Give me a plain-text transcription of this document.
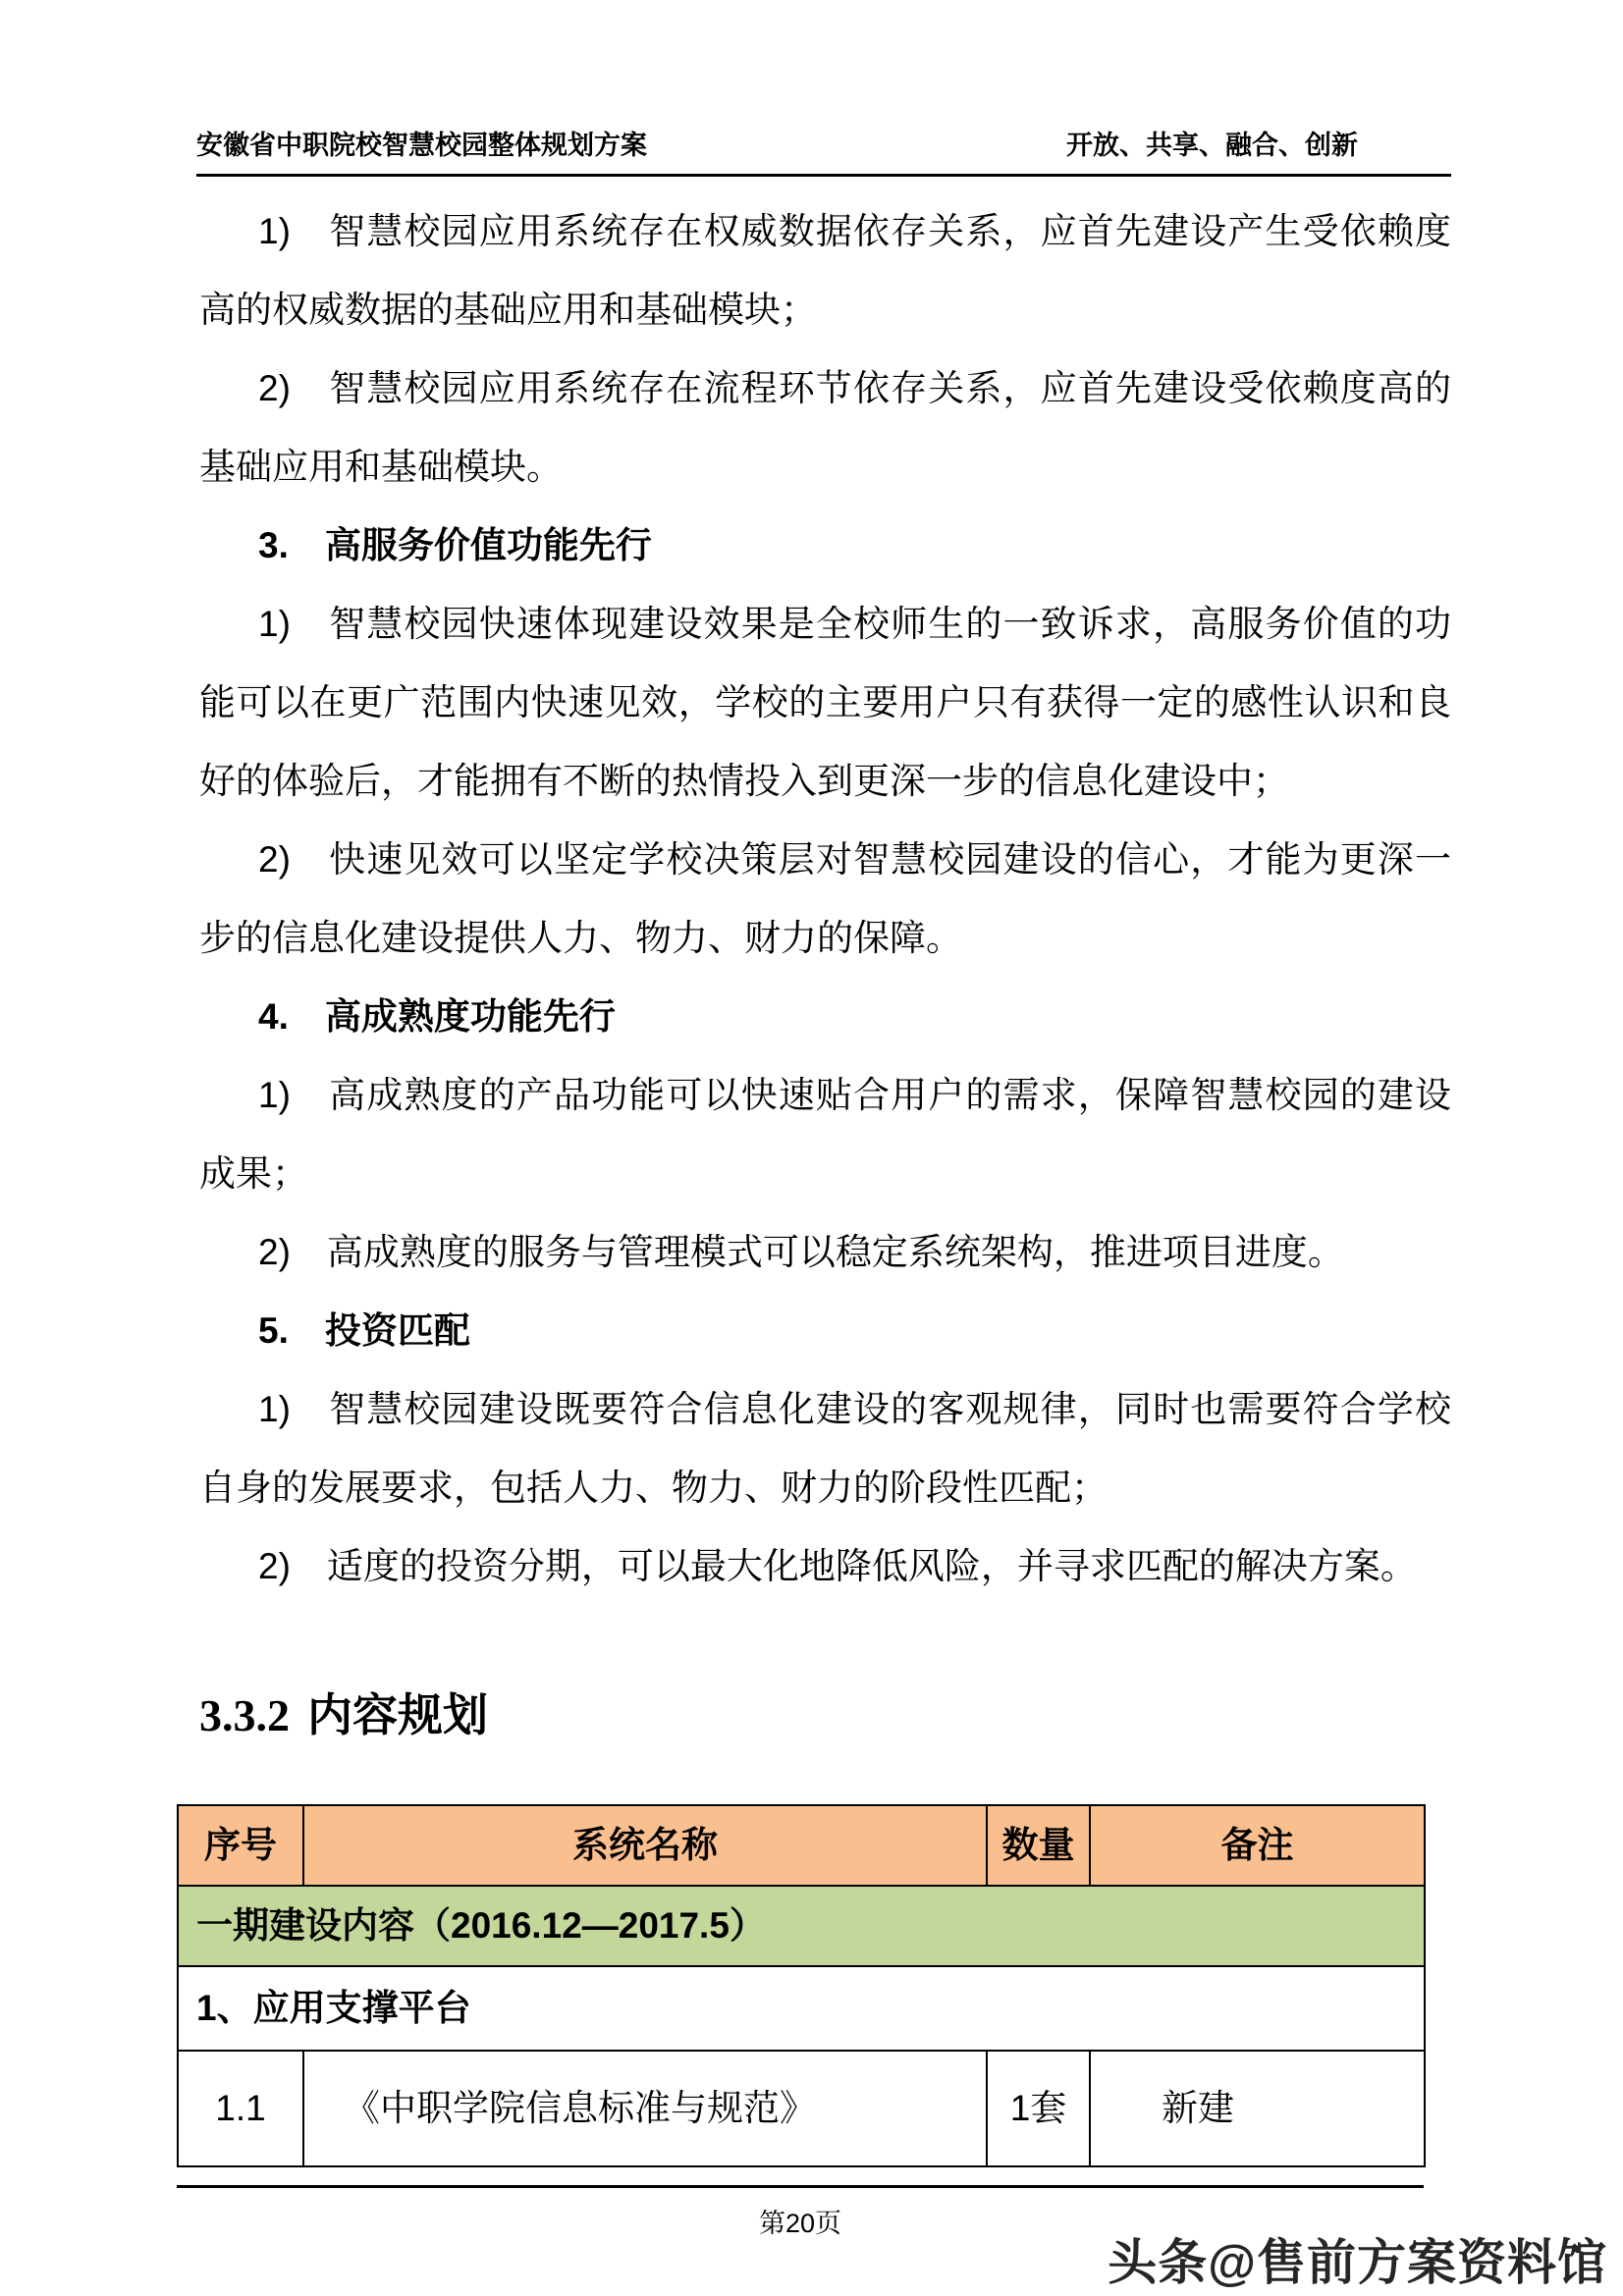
安徽省中职院校智慧校园整体规划方案	开放、共享、融合、创新

1)　智慧校园应用系统存在权威数据依存关系，应首先建设产生受依赖度高的权威数据的基础应用和基础模块；

2)　智慧校园应用系统存在流程环节依存关系，应首先建设受依赖度高的基础应用和基础模块。

3.　高服务价值功能先行

1)　智慧校园快速体现建设效果是全校师生的一致诉求，高服务价值的功能可以在更广范围内快速见效，学校的主要用户只有获得一定的感性认识和良好的体验后，才能拥有不断的热情投入到更深一步的信息化建设中；

2)　快速见效可以坚定学校决策层对智慧校园建设的信心，才能为更深一步的信息化建设提供人力、物力、财力的保障。

4.　高成熟度功能先行

1)　高成熟度的产品功能可以快速贴合用户的需求，保障智慧校园的建设成果；

2)　高成熟度的服务与管理模式可以稳定系统架构，推进项目进度。

5.　投资匹配

1)　智慧校园建设既要符合信息化建设的客观规律，同时也需要符合学校自身的发展要求，包括人力、物力、财力的阶段性匹配；

2)　适度的投资分期，可以最大化地降低风险，并寻求匹配的解决方案。

3.3.2 内容规划
序号	系统名称	数量	备注
一期建设内容（2016.12—2017.5）			
1、应用支撑平台			
1.1	《中职学院信息标准与规范》	1套	新建
第20页
头条@售前方案资料馆
